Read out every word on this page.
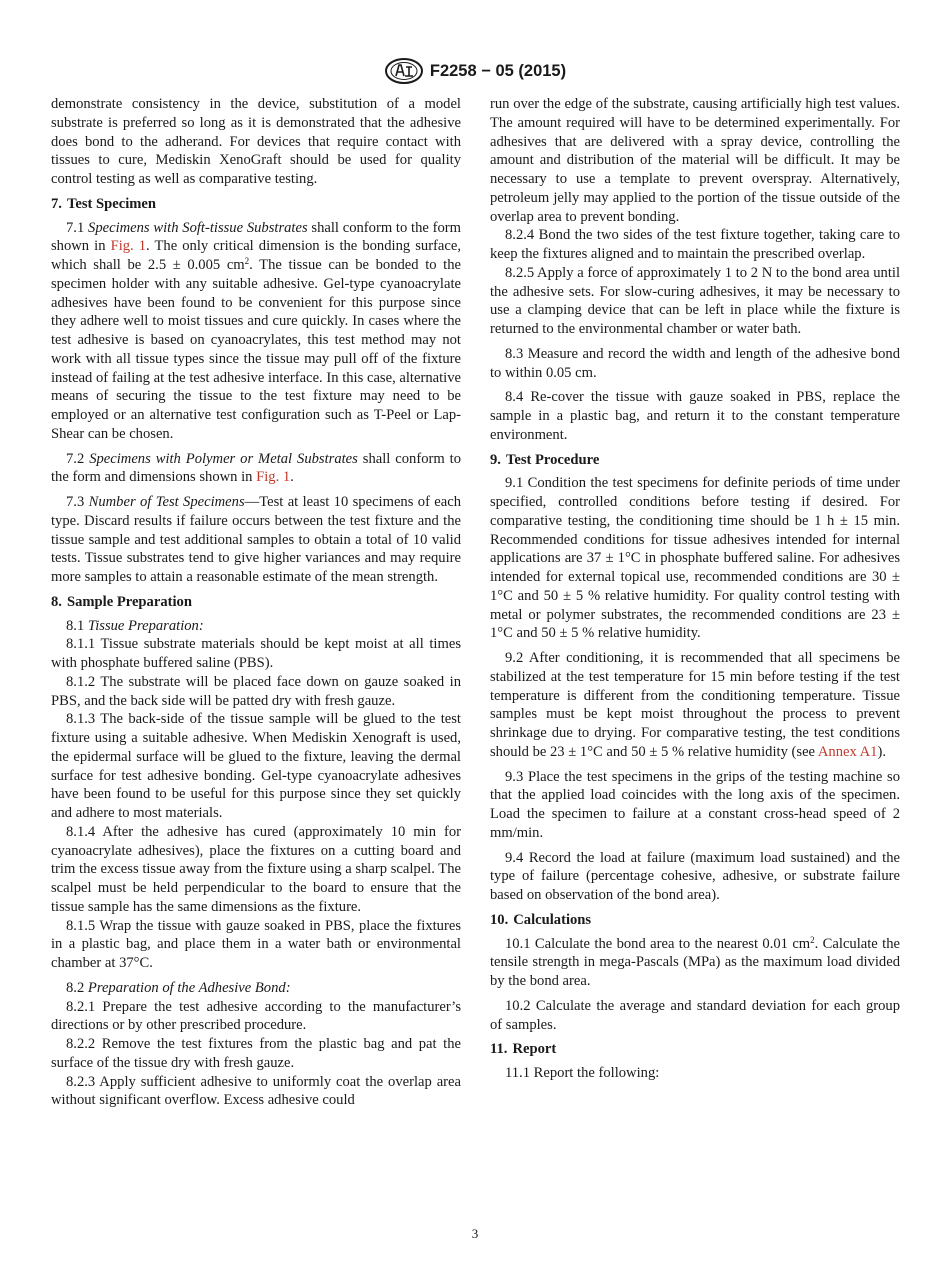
F2258 − 05 (2015)

demonstrate consistency in the device, substitution of a model substrate is preferred so long as it is demonstrated that the adhesive does bond to the adherand. For devices that require contact with tissues to cure, Mediskin XenoGraft should be used for quality control testing as well as comparative testing.

7. Test Specimen

7.1 Specimens with Soft-tissue Substrates shall conform to the form shown in Fig. 1. The only critical dimension is the bonding surface, which shall be 2.5 ± 0.005 $cm^2$. The tissue can be bonded to the specimen holder with any suitable adhesive. Gel-type cyanoacrylate adhesives have been found to be convenient for this purpose since they adhere well to moist tissues and cure quickly. In cases where the test adhesive is based on cyanoacrylates, this test method may not work with all tissue types since the tissue may pull off of the fixture instead of failing at the test adhesive interface. In this case, alternative means of securing the tissue to the test fixture may need to be employed or an alternative test configuration such as T-Peel or Lap-Shear can be chosen.

7.2 Specimens with Polymer or Metal Substrates shall conform to the form and dimensions shown in Fig. 1.

7.3 Number of Test Specimens—Test at least 10 specimens of each type. Discard results if failure occurs between the test fixture and the tissue sample and test additional samples to obtain a total of 10 valid tests. Tissue substrates tend to give higher variances and may require more samples to attain a reasonable estimate of the mean strength.

8. Sample Preparation

8.1 Tissue Preparation:

8.1.1 Tissue substrate materials should be kept moist at all times with phosphate buffered saline (PBS).

8.1.2 The substrate will be placed face down on gauze soaked in PBS, and the back side will be patted dry with fresh gauze.

8.1.3 The back-side of the tissue sample will be glued to the test fixture using a suitable adhesive. When Mediskin Xenograft is used, the epidermal surface will be glued to the fixture, leaving the dermal surface for test adhesive bonding. Gel-type cyanoacrylate adhesives have been found to be useful for this purpose since they set quickly and adhere to most materials.

8.1.4 After the adhesive has cured (approximately 10 min for cyanoacrylate adhesives), place the fixtures on a cutting board and trim the excess tissue away from the fixture using a sharp scalpel. The scalpel must be held perpendicular to the board to ensure that the tissue sample has the same dimensions as the fixture.

8.1.5 Wrap the tissue with gauze soaked in PBS, place the fixtures in a plastic bag, and place them in a water bath or environmental chamber at 37°C.

8.2 Preparation of the Adhesive Bond:

8.2.1 Prepare the test adhesive according to the manufacturer’s directions or by other prescribed procedure.

8.2.2 Remove the test fixtures from the plastic bag and pat the surface of the tissue dry with fresh gauze.

8.2.3 Apply sufficient adhesive to uniformly coat the overlap area without significant overflow. Excess adhesive could

run over the edge of the substrate, causing artificially high test values. The amount required will have to be determined experimentally. For adhesives that are delivered with a spray device, controlling the amount and distribution of the material will be difficult. It may be necessary to use a template to prevent overspray. Alternatively, petroleum jelly may applied to the portion of the tissue outside of the overlap area to prevent bonding.

8.2.4 Bond the two sides of the test fixture together, taking care to keep the fixtures aligned and to maintain the prescribed overlap.

8.2.5 Apply a force of approximately 1 to 2 N to the bond area until the adhesive sets. For slow-curing adhesives, it may be necessary to use a clamping device that can be left in place while the fixture is returned to the environmental chamber or water bath.

8.3 Measure and record the width and length of the adhesive bond to within 0.05 cm.

8.4 Re-cover the tissue with gauze soaked in PBS, replace the sample in a plastic bag, and return it to the constant temperature environment.

9. Test Procedure

9.1 Condition the test specimens for definite periods of time under specified, controlled conditions before testing if desired. For comparative testing, the conditioning time should be 1 h ± 15 min. Recommended conditions for tissue adhesives intended for internal applications are 37 ± 1°C in phosphate buffered saline. For adhesives intended for external topical use, recommended conditions are 30 ± 1°C and 50 ± 5 % relative humidity. For quality control testing with metal or polymer substrates, the recommended conditions are 23 ± 1°C and 50 ± 5 % relative humidity.

9.2 After conditioning, it is recommended that all specimens be stabilized at the test temperature for 15 min before testing if the test temperature is different from the conditioning temperature. Tissue samples must be kept moist throughout the process to prevent shrinkage due to drying. For comparative testing, the test conditions should be 23 ± 1°C and 50 ± 5 % relative humidity (see Annex A1).

9.3 Place the test specimens in the grips of the testing machine so that the applied load coincides with the long axis of the specimen. Load the specimen to failure at a constant cross-head speed of 2 mm/min.

9.4 Record the load at failure (maximum load sustained) and the type of failure (percentage cohesive, adhesive, or substrate failure based on observation of the bond area).

10. Calculations

10.1 Calculate the bond area to the nearest 0.01 $cm^2$. Calculate the tensile strength in mega-Pascals (MPa) as the maximum load divided by the bond area.

10.2 Calculate the average and standard deviation for each group of samples.

11. Report

11.1 Report the following:

3
